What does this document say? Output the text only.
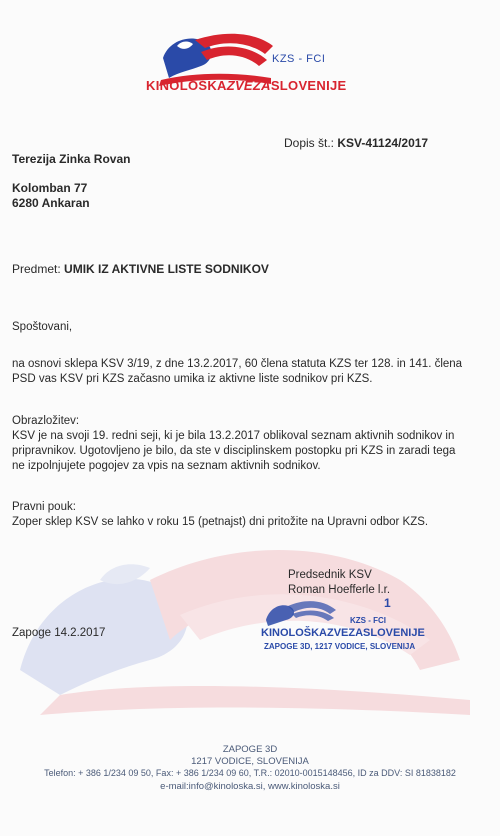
KZS - FCI
KINOLOŠKAZVEZASLOVENIJE
Dopis št.: KSV-41124/2017
Terezija Zinka Rovan
Kolomban 77
6280 Ankaran
Predmet: UMIK IZ AKTIVNE LISTE SODNIKOV
Spoštovani,
na osnovi sklepa KSV 3/19, z dne 13.2.2017, 60 člena statuta KZS ter 128. in 141. člena
PSD vas KSV pri KZS začasno umika iz aktivne liste sodnikov pri KZS.
Obrazložitev:
KSV je na svoji 19. redni seji, ki je bila 13.2.2017 oblikoval seznam aktivnih sodnikov in
pripravnikov. Ugotovljeno je bilo, da ste v disciplinskem postopku pri KZS in zaradi tega
ne izpolnjujete pogojev za vpis na seznam aktivnih sodnikov.
Pravni pouk:
Zoper sklep KSV se lahko v roku 15 (petnajst) dni pritožite na Upravni odbor KZS.
Predsednik KSV
Roman Hoefferle l.r.
1
KZS - FCI
KINOLOŠKAZVEZASLOVENIJE
ZAPOGE 3D, 1217 VODICE, SLOVENIJA
Zapoge 14.2.2017
ZAPOGE 3D
1217 VODICE, SLOVENIJA
Telefon: + 386 1/234 09 50, Fax: + 386 1/234 09 60, T.R.: 02010-0015148456, ID za DDV: SI 81838182
e-mail:info@kinoloska.si, www.kinoloska.si
